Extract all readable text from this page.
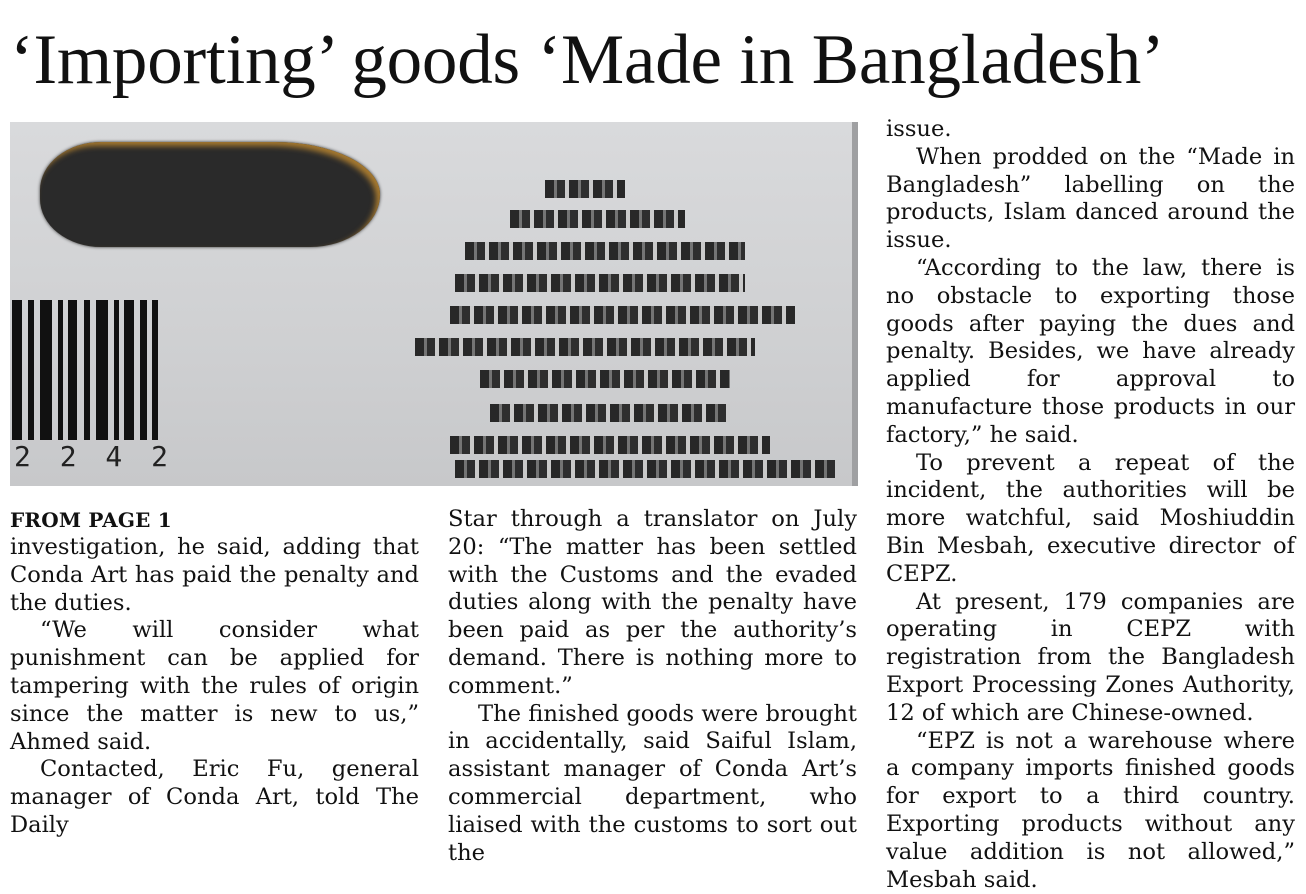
‘Importing’ goods ‘Made in Bangladesh’
2 2 4 2
FROM PAGE 1

investigation, he said, adding that Conda Art has paid the penalty and the duties.

“We will consider what punishment can be applied for tampering with the rules of origin since the matter is new to us,” Ahmed said.

Contacted, Eric Fu, general manager of Conda Art, told The Daily

Star through a translator on July 20: “The matter has been settled with the Customs and the evaded duties along with the penalty have been paid as per the authority’s demand. There is nothing more to comment.”

The finished goods were brought in accidentally, said Saiful Islam, assistant manager of Conda Art’s commercial department, who liaised with the customs to sort out the

issue.

When prodded on the “Made in Bangladesh” labelling on the products, Islam danced around the issue.

“According to the law, there is no obstacle to exporting those goods after paying the dues and penalty. Besides, we have already applied for approval to manufacture those products in our factory,” he said.

To prevent a repeat of the incident, the authorities will be more watchful, said Moshiuddin Bin Mesbah, executive director of CEPZ.

At present, 179 companies are operating in CEPZ with registration from the Bangladesh Export Processing Zones Authority, 12 of which are Chinese-owned.

“EPZ is not a warehouse where a company imports finished goods for export to a third country. Exporting products without any value addition is not allowed,” Mesbah said.
